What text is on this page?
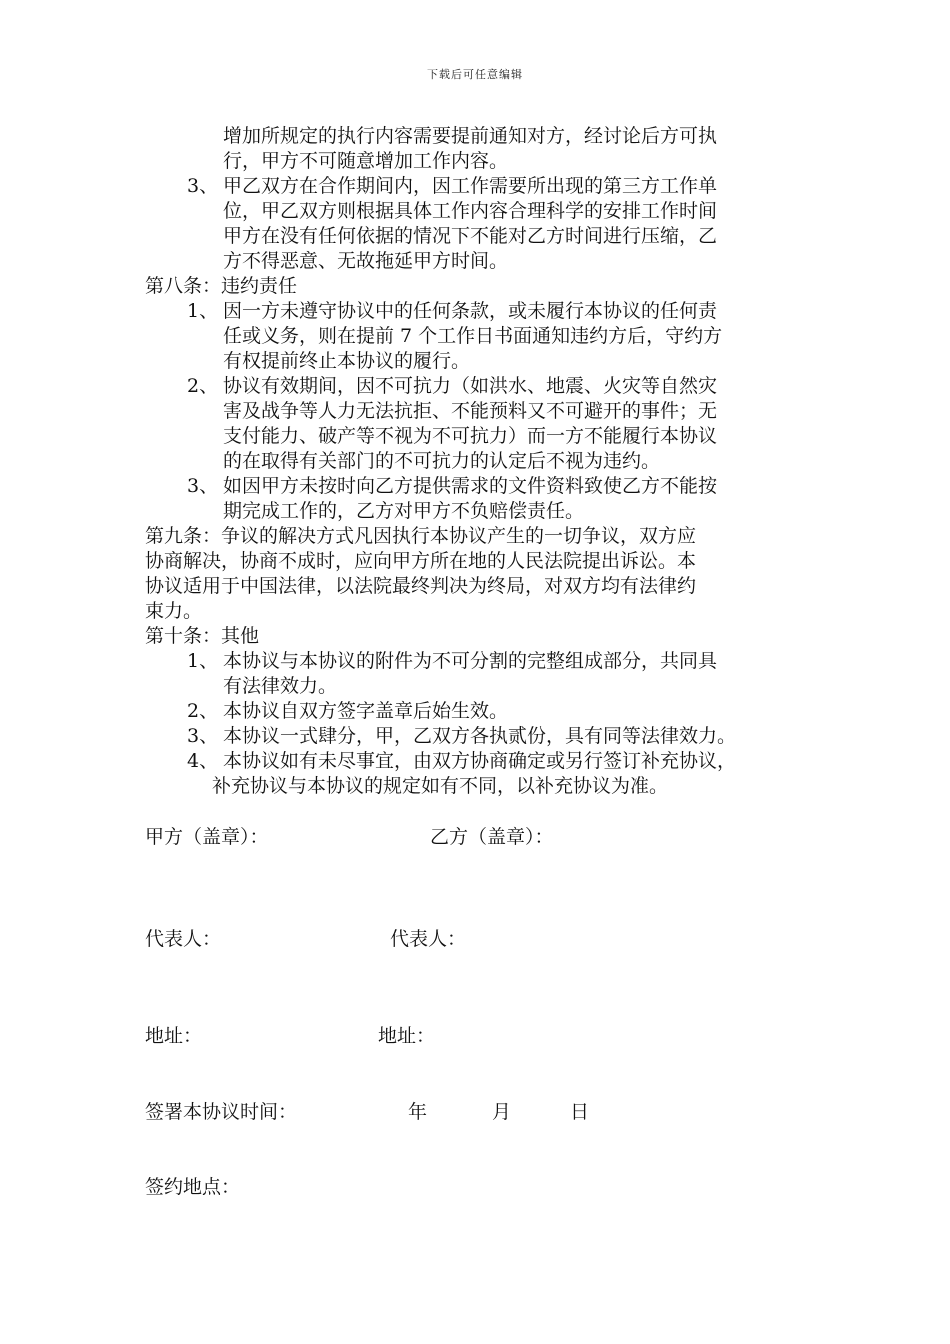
下载后可任意编辑
增加所规定的执行内容需要提前通知对方，经讨论后方可执
行，甲方不可随意增加工作内容。
3、 甲乙双方在合作期间内，因工作需要所出现的第三方工作单
位，甲乙双方则根据具体工作内容合理科学的安排工作时间
甲方在没有任何依据的情况下不能对乙方时间进行压缩，乙
方不得恶意、无故拖延甲方时间。
第八条：违约责任
1、 因一方未遵守协议中的任何条款，或未履行本协议的任何责
任或义务，则在提前 7 个工作日书面通知违约方后，守约方
有权提前终止本协议的履行。
2、 协议有效期间，因不可抗力（如洪水、地震、火灾等自然灾
害及战争等人力无法抗拒、不能预料又不可避开的事件；无
支付能力、破产等不视为不可抗力）而一方不能履行本协议
的在取得有关部门的不可抗力的认定后不视为违约。
3、 如因甲方未按时向乙方提供需求的文件资料致使乙方不能按
期完成工作的，乙方对甲方不负赔偿责任。
第九条：争议的解决方式凡因执行本协议产生的一切争议，双方应
协商解决，协商不成时，应向甲方所在地的人民法院提出诉讼。本
协议适用于中国法律，以法院最终判决为终局，对双方均有法律约
束力。
第十条：其他
1、 本协议与本协议的附件为不可分割的完整组成部分，共同具
有法律效力。
2、 本协议自双方签字盖章后始生效。
3、 本协议一式肆分，甲，乙双方各执贰份，具有同等法律效力。
4、 本协议如有未尽事宜，由双方协商确定或另行签订补充协议，
补充协议与本协议的规定如有不同，以补充协议为准。
甲方（盖章）：	乙方（盖章）：
代表人：	代表人：
地址：	地址：
签署本协议时间：	年	月	日
签约地点：
